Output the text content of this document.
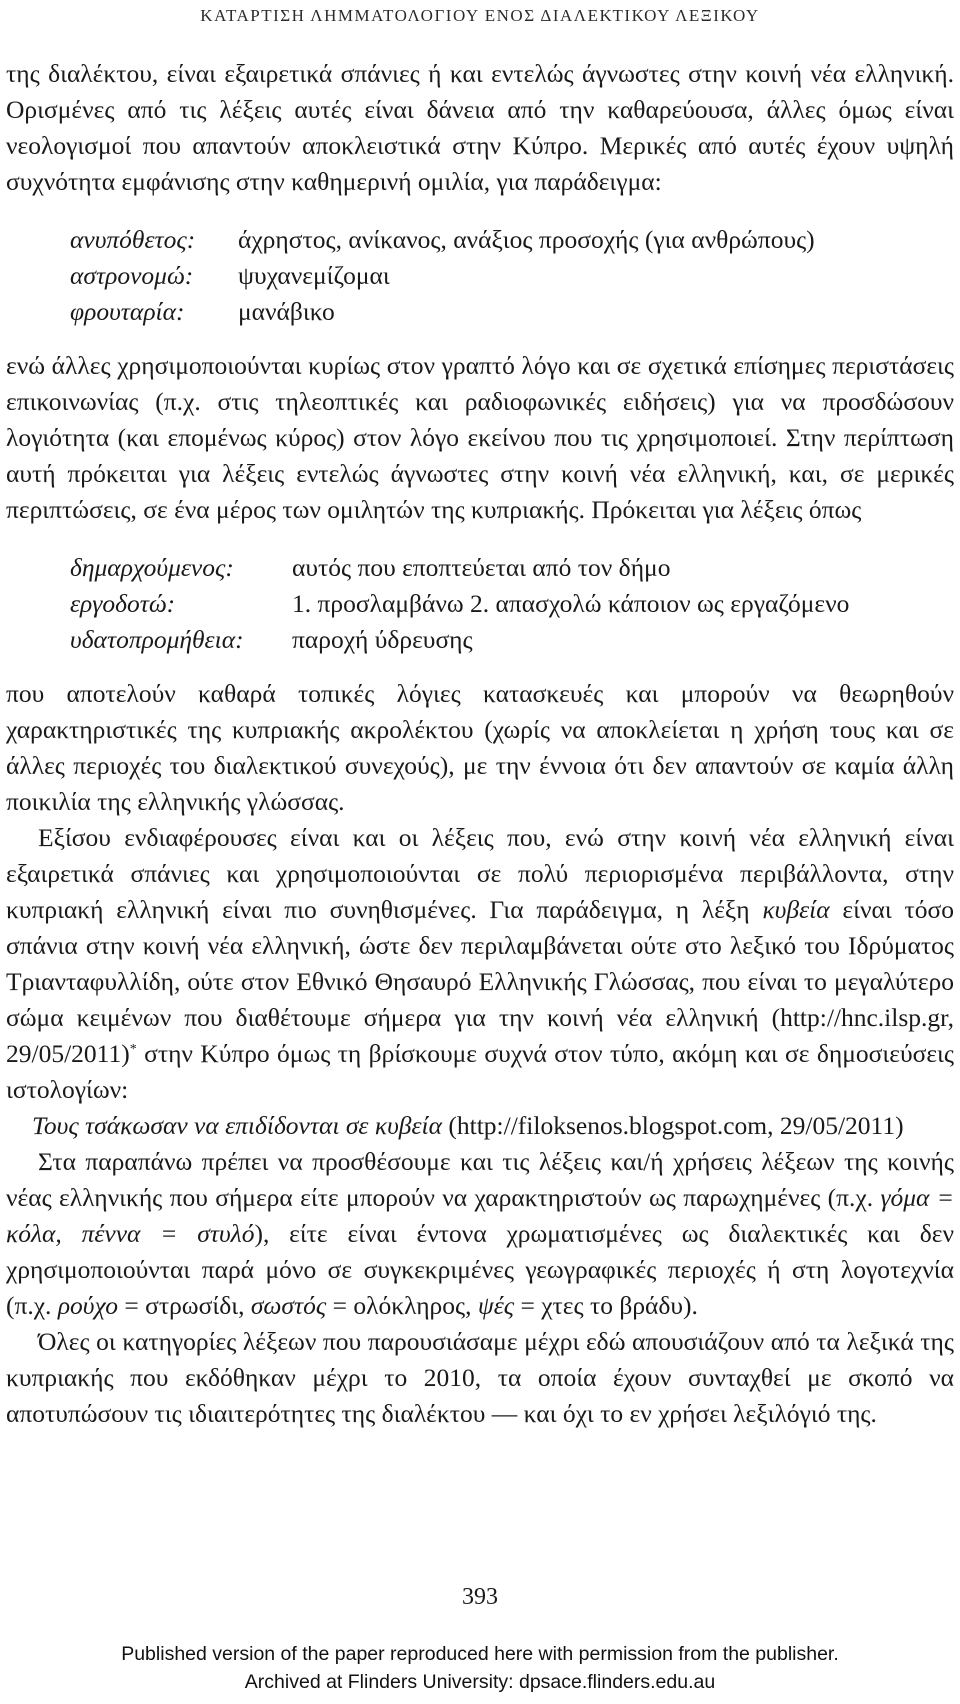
ΚΑΤΑΡΤΙΣΗ ΛΗΜΜΑΤΟΛΟΓΙΟΥ ΕΝΟΣ ΔΙΑΛΕΚΤΙΚΟΥ ΛΕΞΙΚΟΥ

της διαλέκτου, είναι εξαιρετικά σπάνιες ή και εντελώς άγνωστες στην κοινή νέα ελληνική. Ορισμένες από τις λέξεις αυτές είναι δάνεια από την καθαρεύουσα, άλλες όμως είναι νεολογισμοί που απαντούν αποκλειστικά στην Κύπρο. Μερικές από αυτές έχουν υψηλή συχνότητα εμφάνισης στην καθημερινή ομιλία, για παράδειγμα:

ανυπόθετος:	άχρηστος, ανίκανος, ανάξιος προσοχής (για ανθρώπους)
αστρονομώ:	ψυχανεμίζομαι
φρουταρία:	μανάβικο

ενώ άλλες χρησιμοποιούνται κυρίως στον γραπτό λόγο και σε σχετικά επίσημες περιστάσεις επικοινωνίας (π.χ. στις τηλεοπτικές και ραδιοφωνικές ειδήσεις) για να προσδώσουν λογιότητα (και επομένως κύρος) στον λόγο εκείνου που τις χρησιμοποιεί. Στην περίπτωση αυτή πρόκειται για λέξεις εντελώς άγνωστες στην κοινή νέα ελληνική, και, σε μερικές περιπτώσεις, σε ένα μέρος των ομιλητών της κυπριακής. Πρόκειται για λέξεις όπως

δημαρχούμενος:	αυτός που εποπτεύεται από τον δήμο
εργοδοτώ:	1. προσλαμβάνω 2. απασχολώ κάποιον ως εργαζόμενο
υδατοπρομήθεια:	παροχή ύδρευσης

που αποτελούν καθαρά τοπικές λόγιες κατασκευές και μπορούν να θεωρηθούν χαρακτηριστικές της κυπριακής ακρολέκτου (χωρίς να αποκλείεται η χρήση τους και σε άλλες περιοχές του διαλεκτικού συνεχούς), με την έννοια ότι δεν απαντούν σε καμία άλλη ποικιλία της ελληνικής γλώσσας.

Εξίσου ενδιαφέρουσες είναι και οι λέξεις που, ενώ στην κοινή νέα ελληνική είναι εξαιρετικά σπάνιες και χρησιμοποιούνται σε πολύ περιορισμένα περιβάλλοντα, στην κυπριακή ελληνική είναι πιο συνηθισμένες. Για παράδειγμα, η λέξη κυβεία είναι τόσο σπάνια στην κοινή νέα ελληνική, ώστε δεν περιλαμβάνεται ούτε στο λεξικό του Ιδρύματος Τριανταφυλλίδη, ούτε στον Εθνικό Θησαυρό Ελληνικής Γλώσσας, που είναι το μεγαλύτερο σώμα κειμένων που διαθέτουμε σήμερα για την κοινή νέα ελληνική (http://hnc.ilsp.gr, 29/05/2011)* στην Κύπρο όμως τη βρίσκουμε συχνά στον τύπο, ακόμη και σε δημοσιεύσεις ιστολογίων:

Τους τσάκωσαν να επιδίδονται σε κυβεία (http://filoksenos.blogspot.com, 29/05/2011)

Στα παραπάνω πρέπει να προσθέσουμε και τις λέξεις και/ή χρήσεις λέξεων της κοινής νέας ελληνικής που σήμερα είτε μπορούν να χαρακτηριστούν ως παρωχημένες (π.χ. γόμα = κόλα, πέννα = στυλό), είτε είναι έντονα χρωματισμένες ως διαλεκτικές και δεν χρησιμοποιούνται παρά μόνο σε συγκεκριμένες γεωγραφικές περιοχές ή στη λογοτεχνία (π.χ. ρούχο = στρωσίδι, σωστός = ολόκληρος, ψές = χτες το βράδυ).

Όλες οι κατηγορίες λέξεων που παρουσιάσαμε μέχρι εδώ απουσιάζουν από τα λεξικά της κυπριακής που εκδόθηκαν μέχρι το 2010, τα οποία έχουν συνταχθεί με σκοπό να αποτυπώσουν τις ιδιαιτερότητες της διαλέκτου — και όχι το εν χρήσει λεξιλόγιό της.

393
Published version of the paper reproduced here with permission from the publisher.
Archived at Flinders University: dpsace.flinders.edu.au
